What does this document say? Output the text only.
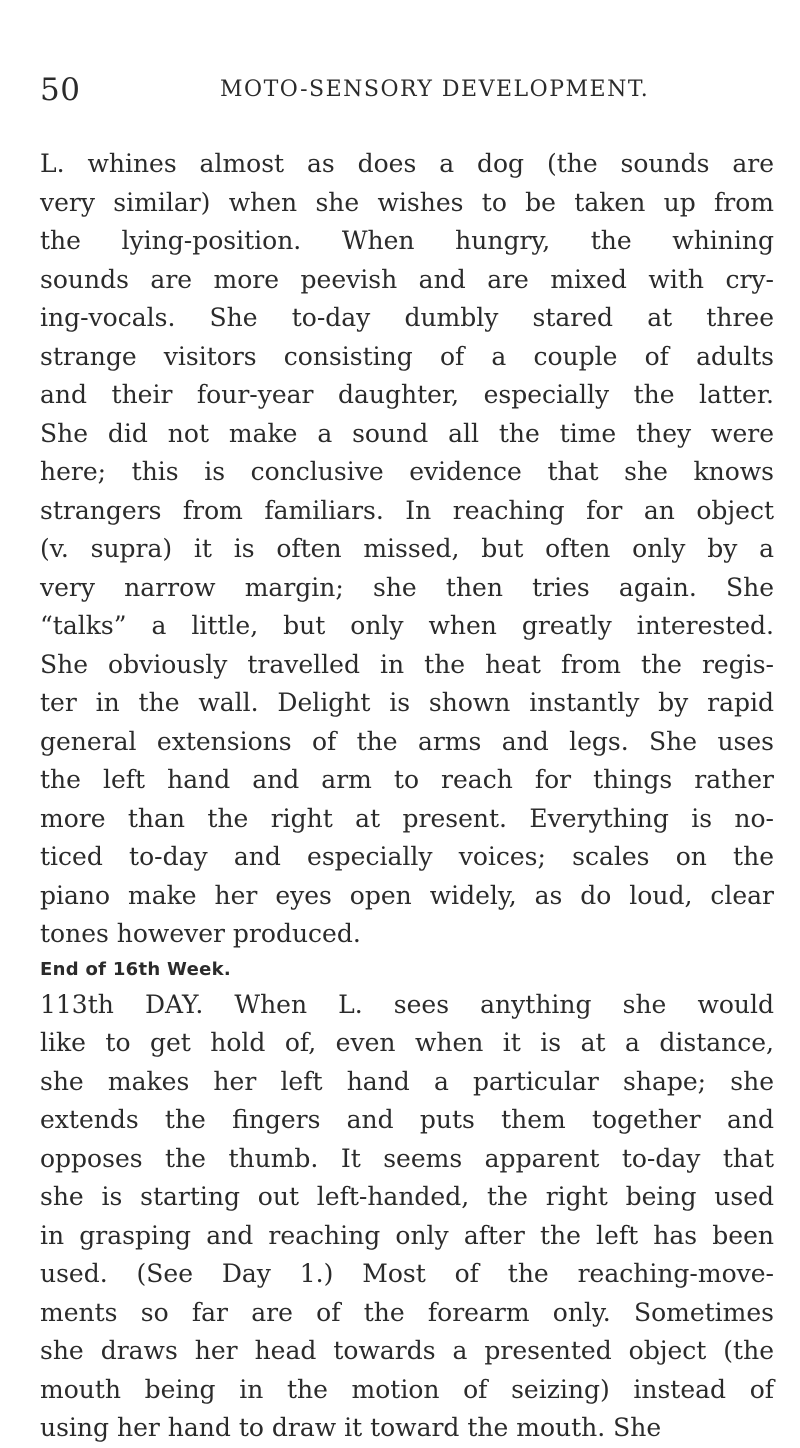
50	MOTO-SENSORY DEVELOPMENT.
L. whines almost as does a dog (the sounds are
very similar) when she wishes to be taken up from
the lying-position. When hungry, the whining
sounds are more peevish and are mixed with cry-
ing-vocals. She to-day dumbly stared at three
strange visitors consisting of a couple of adults
and their four-year daughter, especially the latter.
She did not make a sound all the time they were
here; this is conclusive evidence that she knows
strangers from familiars. In reaching for an object
(v. supra) it is often missed, but often only by a
very narrow margin; she then tries again. She
“talks” a little, but only when greatly interested.
She obviously travelled in the heat from the regis-
ter in the wall. Delight is shown instantly by rapid
general extensions of the arms and legs. She uses
the left hand and arm to reach for things rather
more than the right at present. Everything is no-
ticed to-day and especially voices; scales on the
piano make her eyes open widely, as do loud, clear
tones however produced.
End of 16th Week.
113th DAY. When L. sees anything she would
like to get hold of, even when it is at a distance,
she makes her left hand a particular shape; she
extends the fingers and puts them together and
opposes the thumb. It seems apparent to-day that
she is starting out left-handed, the right being used
in grasping and reaching only after the left has been
used. (See Day 1.) Most of the reaching-move-
ments so far are of the forearm only. Sometimes
she draws her head towards a presented object (the
mouth being in the motion of seizing) instead of
using her hand to draw it toward the mouth. She
